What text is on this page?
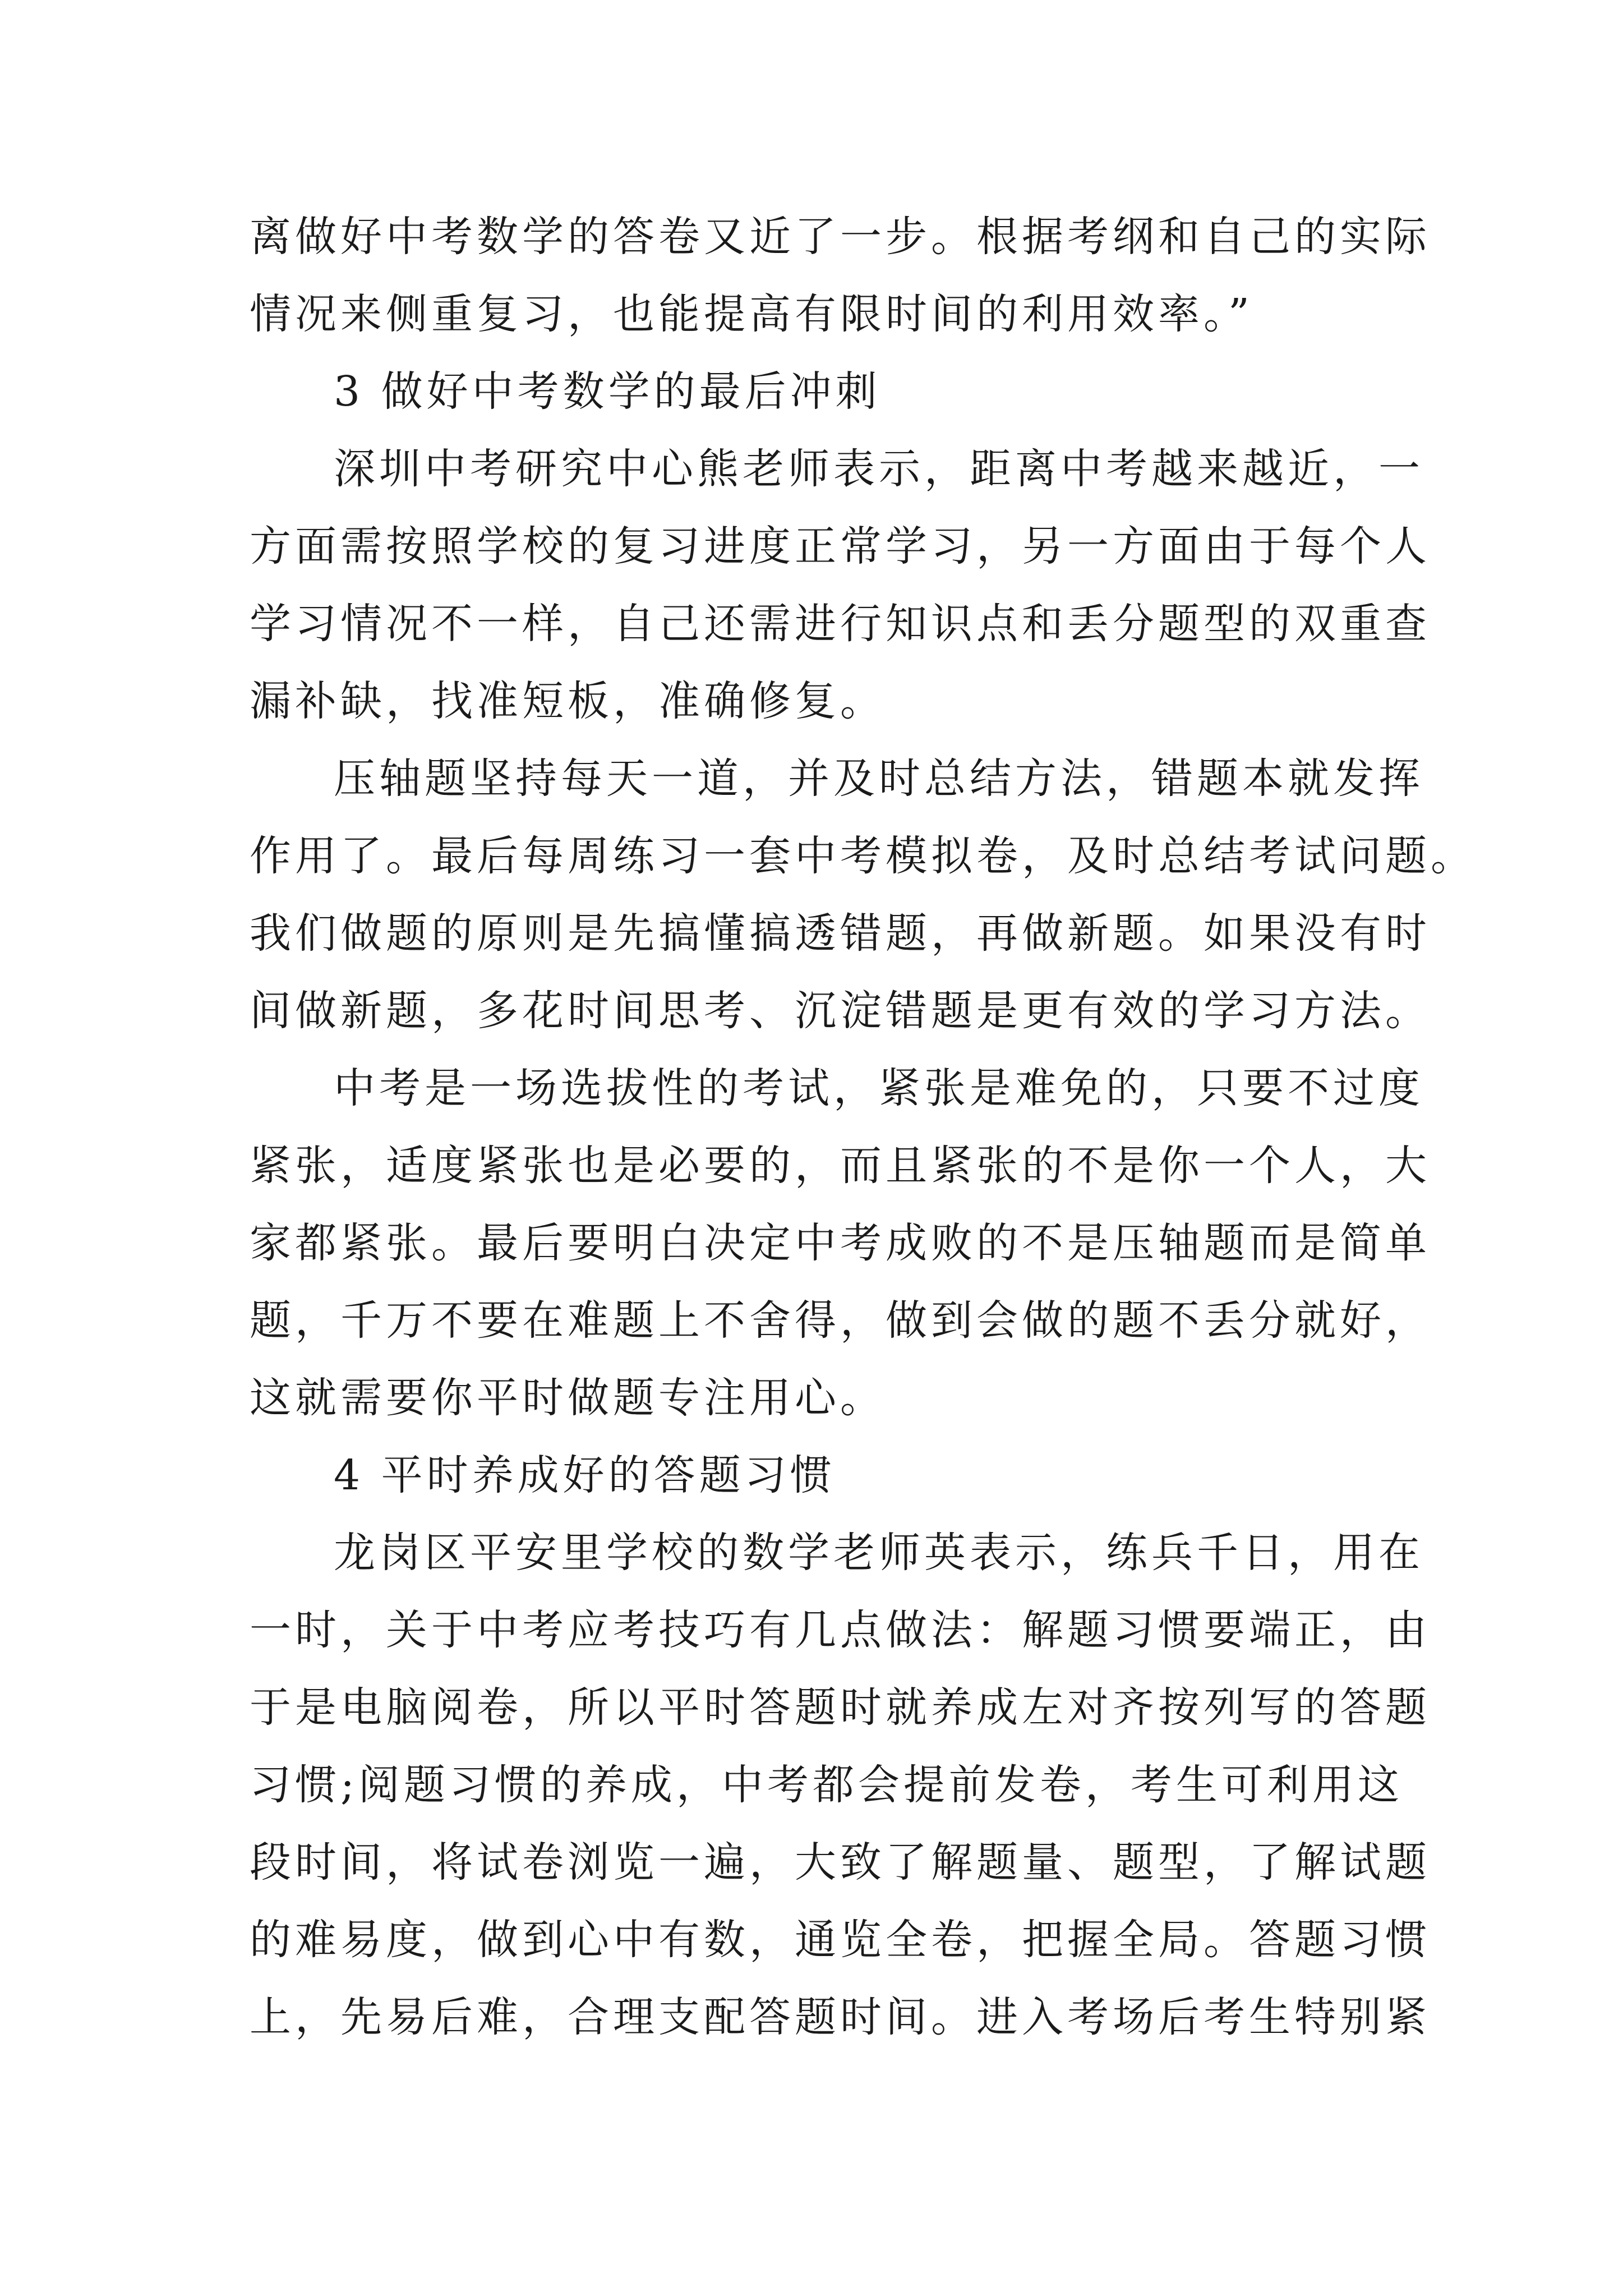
离做好中考数学的答卷又近了一步。根据考纲和自己的实际
情况来侧重复习，也能提高有限时间的利用效率。”
3 做好中考数学的最后冲刺
深圳中考研究中心熊老师表示，距离中考越来越近，一
方面需按照学校的复习进度正常学习，另一方面由于每个人
学习情况不一样，自己还需进行知识点和丢分题型的双重查
漏补缺，找准短板，准确修复。
压轴题坚持每天一道，并及时总结方法，错题本就发挥
作用了。最后每周练习一套中考模拟卷，及时总结考试问题。
我们做题的原则是先搞懂搞透错题，再做新题。如果没有时
间做新题，多花时间思考、沉淀错题是更有效的学习方法。
中考是一场选拔性的考试，紧张是难免的，只要不过度
紧张，适度紧张也是必要的，而且紧张的不是你一个人，大
家都紧张。最后要明白决定中考成败的不是压轴题而是简单
题，千万不要在难题上不舍得，做到会做的题不丢分就好，
这就需要你平时做题专注用心。
4 平时养成好的答题习惯
龙岗区平安里学校的数学老师英表示，练兵千日，用在
一时，关于中考应考技巧有几点做法：解题习惯要端正，由
于是电脑阅卷，所以平时答题时就养成左对齐按列写的答题
习惯;阅题习惯的养成，中考都会提前发卷，考生可利用这
段时间，将试卷浏览一遍，大致了解题量、题型，了解试题
的难易度，做到心中有数，通览全卷，把握全局。答题习惯
上，先易后难，合理支配答题时间。进入考场后考生特别紧
